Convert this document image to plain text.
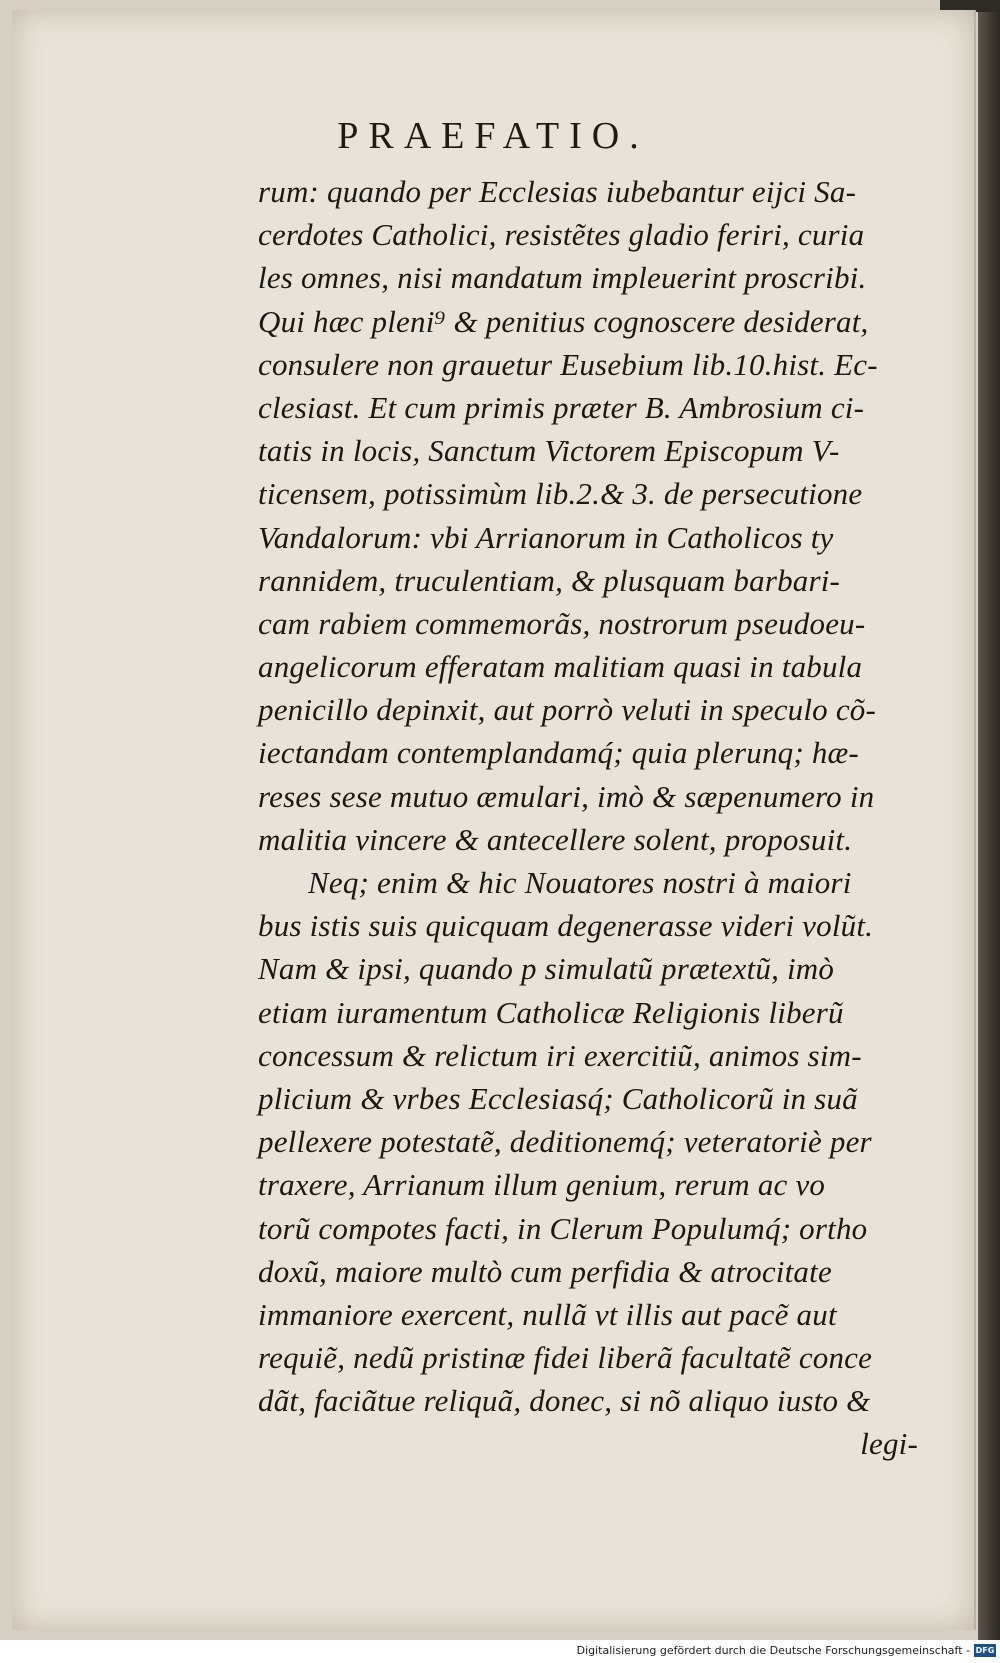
PRAEFATIO.
rum: quando per Ecclesias iubebantur eijci Sa-
cerdotes Catholici, resistẽtes gladio feriri, curia
les omnes, nisi mandatum impleuerint proscribi.
Qui hæc pleni⁹ & penitius cognoscere desiderat,
consulere non grauetur Eusebium lib.10.hist. Ec-
clesiast. Et cum primis præter B. Ambrosium ci-
tatis in locis, Sanctum Victorem Episcopum V-
ticensem, potissimùm lib.2.& 3. de persecutione
Vandalorum: vbi Arrianorum in Catholicos ty
rannidem, truculentiam, & plusquam barbari-
cam rabiem commemorãs, nostrorum pseudoeu-
angelicorum efferatam malitiam quasi in tabula
penicillo depinxit, aut porrò veluti in speculo cõ-
iectandam contemplandamq́; quia plerunq; hæ-
reses sese mutuo æmulari, imò & sæpenumero in
malitia vincere & antecellere solent, proposuit.
Neq; enim & hic Nouatores nostri à maiori
bus istis suis quicquam degenerasse videri volũt.
Nam & ipsi, quando p simulatũ prætextũ, imò
etiam iuramentum Catholicæ Religionis liberũ
concessum & relictum iri exercitiũ, animos sim-
plicium & vrbes Ecclesiasq́; Catholicorũ in suã
pellexere potestatẽ, deditionemq́; veteratoriè per
traxere, Arrianum illum genium, rerum ac vo
torũ compotes facti, in Clerum Populumq́; ortho
doxũ, maiore multò cum perfidia & atrocitate
immaniore exercent, nullã vt illis aut pacẽ aut
requiẽ, nedũ pristinæ fidei liberã facultatẽ conce
dãt, faciãtue reliquã, donec, si nõ aliquo iusto &
legi-
Digitalisierung gefördert durch die Deutsche Forschungsgemeinschaft - DFG
